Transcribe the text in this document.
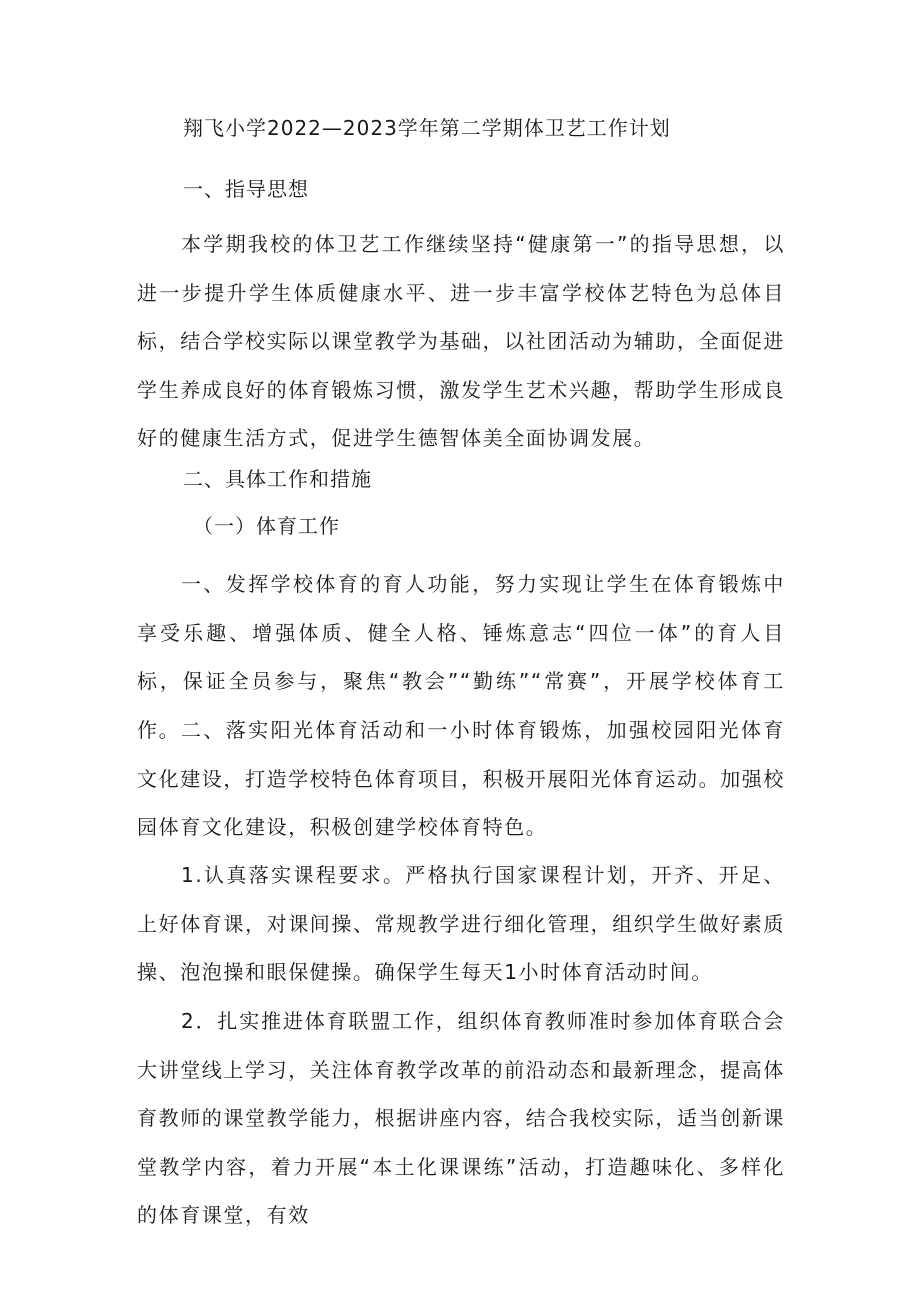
翔飞小学2022—2023学年第二学期体卫艺工作计划
一、指导思想

本学期我校的体卫艺工作继续坚持“健康第一”的指导思想，以进一步提升学生体质健康水平、进一步丰富学校体艺特色为总体目标，结合学校实际以课堂教学为基础，以社团活动为辅助，全面促进学生养成良好的体育锻炼习惯，激发学生艺术兴趣，帮助学生形成良好的健康生活方式，促进学生德智体美全面协调发展。

二、具体工作和措施
（一）体育工作

一、发挥学校体育的育人功能，努力实现让学生在体育锻炼中享受乐趣、增强体质、健全人格、锤炼意志“四位一体”的育人目标，保证全员参与，聚焦“教会”“勤练”“常赛”，开展学校体育工作。 二、落实阳光体育活动和一小时体育锻炼，加强校园阳光体育文化建设，打造学校特色体育项目，积极开展阳光体育运动。加强校园体育文化建设，积极创建学校体育特色。

1.认真落实课程要求。严格执行国家课程计划，开齐、开足、上好体育课，对课间操、常规教学进行细化管理，组织学生做好素质操、泡泡操和眼保健操。确保学生每天1小时体育活动时间。

2．扎实推进体育联盟工作，组织体育教师准时参加体育联合会大讲堂线上学习，关注体育教学改革的前沿动态和最新理念，提高体育教师的课堂教学能力，根据讲座内容，结合我校实际，适当创新课堂教学内容，着力开展“本土化课课练”活动，打造趣味化、多样化的体育课堂，有效
